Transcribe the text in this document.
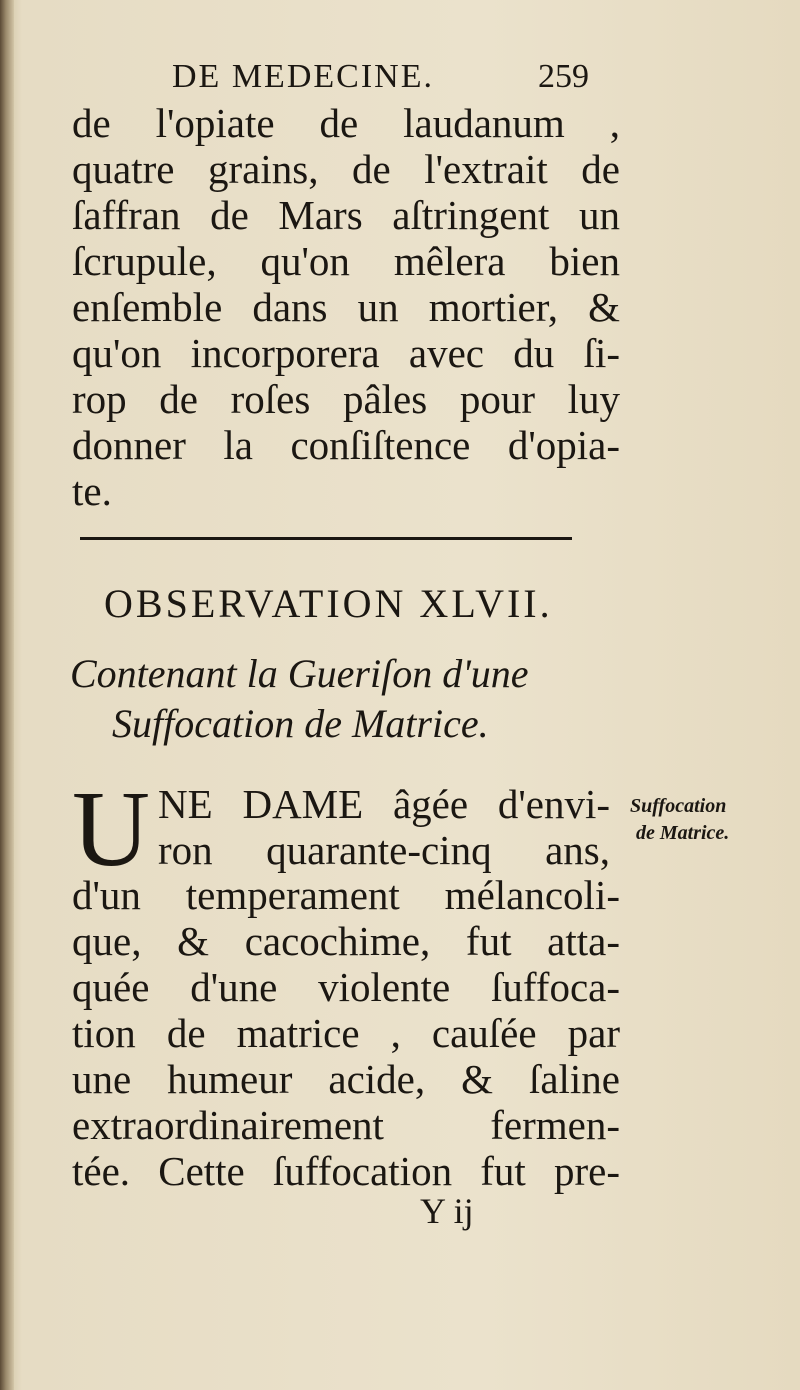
DE MEDECINE.	259
de l'opiate de laudanum ,
quatre grains, de l'extrait de
ſaffran de Mars aſtringent un
ſcrupule, qu'on mêlera bien
enſemble dans un mortier, &
qu'on incorporera avec du ſi-
rop de roſes pâles pour luy
donner la conſiſtence d'opia-
te.
OBSERVATION XLVII.
Contenant la Gueriſon d'une
Suffocation de Matrice.
U NE DAME âgée d'envi-
ron quarante-cinq ans,
d'un temperament mélancoli-
que, & cacochime, fut atta-
quée d'une violente ſuffoca-
tion de matrice , cauſée par
une humeur acide, & ſaline
extraordinairement fermen-
tée. Cette ſuffocation fut pre-
Suffocation
de Matrice.
Y ij
